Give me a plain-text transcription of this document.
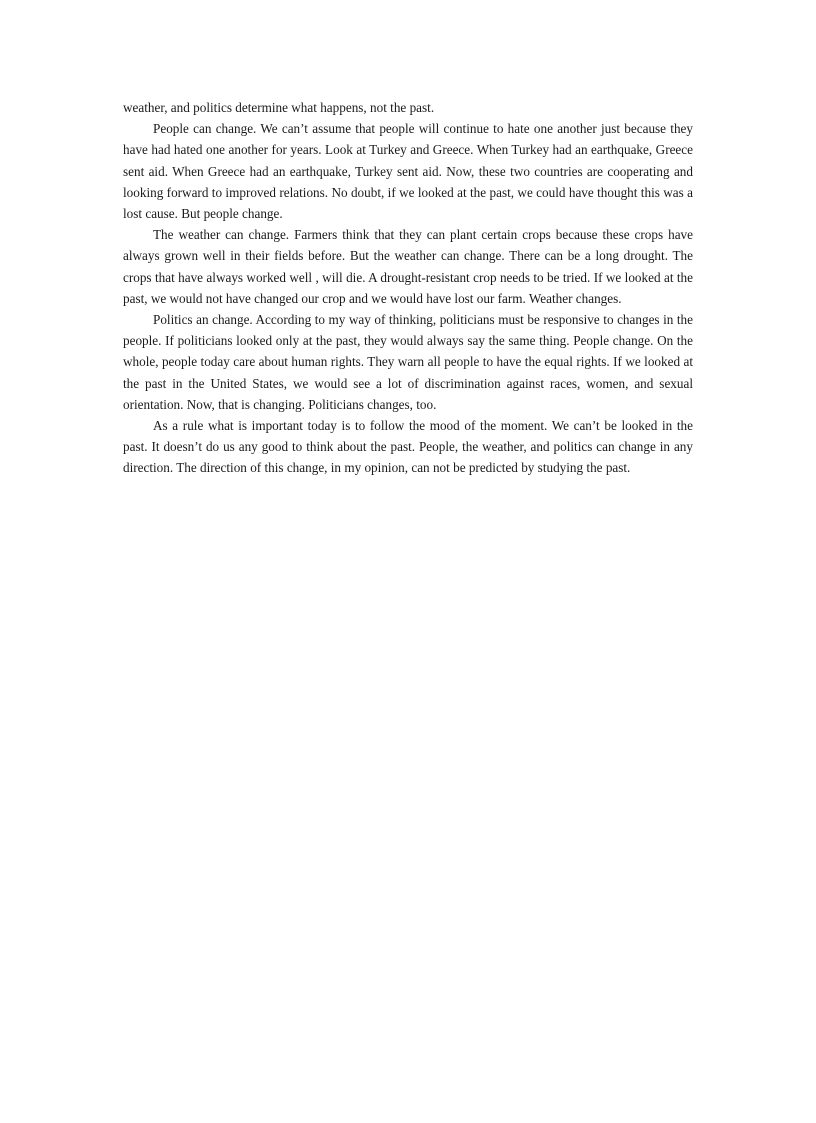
weather, and politics determine what happens, not the past.

People can change. We can’t assume that people will continue to hate one another just because they have had hated one another for years. Look at Turkey and Greece. When Turkey had an earthquake, Greece sent aid. When Greece had an earthquake, Turkey sent aid. Now, these two countries are cooperating and looking forward to improved relations. No doubt, if we looked at the past, we could have thought this was a lost cause. But people change.

The weather can change. Farmers think that they can plant certain crops because these crops have always grown well in their fields before. But the weather can change. There can be a long drought. The crops that have always worked well , will die. A drought-resistant crop needs to be tried. If we looked at the past, we would not have changed our crop and we would have lost our farm. Weather changes.

Politics an change. According to my way of thinking, politicians must be responsive to changes in the people. If politicians looked only at the past, they would always say the same thing. People change. On the whole, people today care about human rights. They warn all people to have the equal rights. If we looked at the past in the United States, we would see a lot of discrimination against races, women, and sexual orientation. Now, that is changing. Politicians changes, too.

As a rule what is important today is to follow the mood of the moment. We can’t be looked in the past. It doesn’t do us any good to think about the past. People, the weather, and politics can change in any direction. The direction of this change, in my opinion, can not be predicted by studying the past.
